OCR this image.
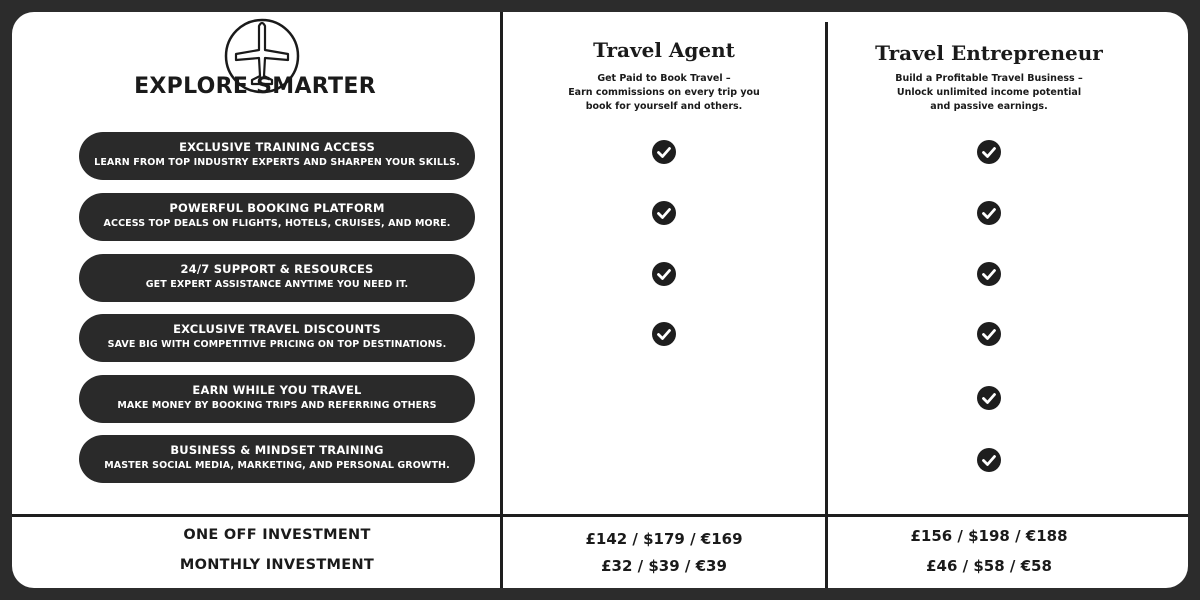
EXPLORE SMARTER
EXCLUSIVE TRAINING ACCESS
LEARN FROM TOP INDUSTRY EXPERTS AND SHARPEN YOUR SKILLS.
POWERFUL BOOKING PLATFORM
ACCESS TOP DEALS ON FLIGHTS, HOTELS, CRUISES, AND MORE.
24/7 SUPPORT & RESOURCES
GET EXPERT ASSISTANCE ANYTIME YOU NEED IT.
EXCLUSIVE TRAVEL DISCOUNTS
SAVE BIG WITH COMPETITIVE PRICING ON TOP DESTINATIONS.
EARN WHILE YOU TRAVEL
MAKE MONEY BY BOOKING TRIPS AND REFERRING OTHERS
BUSINESS & MINDSET TRAINING
MASTER SOCIAL MEDIA, MARKETING, AND PERSONAL GROWTH.
Travel Agent
Get Paid to Book Travel –
Earn commissions on every trip you
book for yourself and others.
Travel Entrepreneur
Build a Profitable Travel Business –
Unlock unlimited income potential
and passive earnings.
ONE OFF INVESTMENT
MONTHLY INVESTMENT
£142 / $179 / €169
£32 / $39 / €39
£156 / $198 / €188
£46 / $58 / €58
